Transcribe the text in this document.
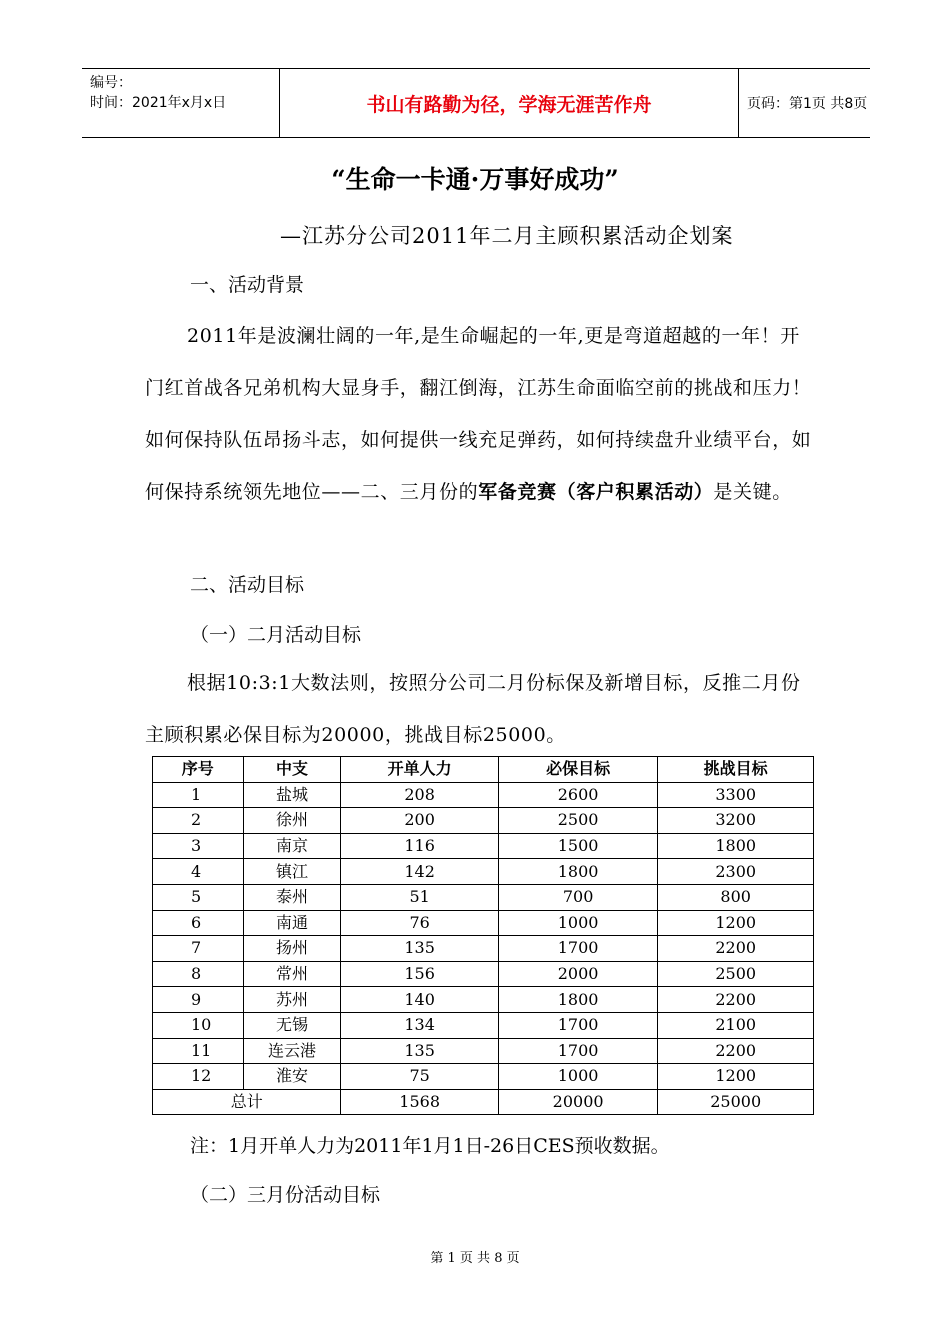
编号：
时间：2021年x月x日	书山有路勤为径，学海无涯苦作舟	页码：第1页 共8页
“生命一卡通·万事好成功”
—江苏分公司2011年二月主顾积累活动企划案
一、活动背景
2011年是波澜壮阔的一年,是生命崛起的一年,更是弯道超越的一年！开门红首战各兄弟机构大显身手，翻江倒海，江苏生命面临空前的挑战和压力！如何保持队伍昂扬斗志，如何提供一线充足弹药，如何持续盘升业绩平台，如何保持系统领先地位——二、三月份的军备竞赛（客户积累活动）是关键。
二、活动目标
（一）二月活动目标
根据10:3:1大数法则，按照分公司二月份标保及新增目标，反推二月份主顾积累必保目标为20000，挑战目标25000。
序号	中支	开单人力	必保目标	挑战目标
1	盐城	208	2600	3300
2	徐州	200	2500	3200
3	南京	116	1500	1800
4	镇江	142	1800	2300
5	泰州	51	700	800
6	南通	76	1000	1200
7	扬州	135	1700	2200
8	常州	156	2000	2500
9	苏州	140	1800	2200
10	无锡	134	1700	2100
11	连云港	135	1700	2200
12	淮安	75	1000	1200
总计		1568	20000	25000
注：1月开单人力为2011年1月1日-26日CES预收数据。
（二）三月份活动目标
第 1 页 共 8 页
